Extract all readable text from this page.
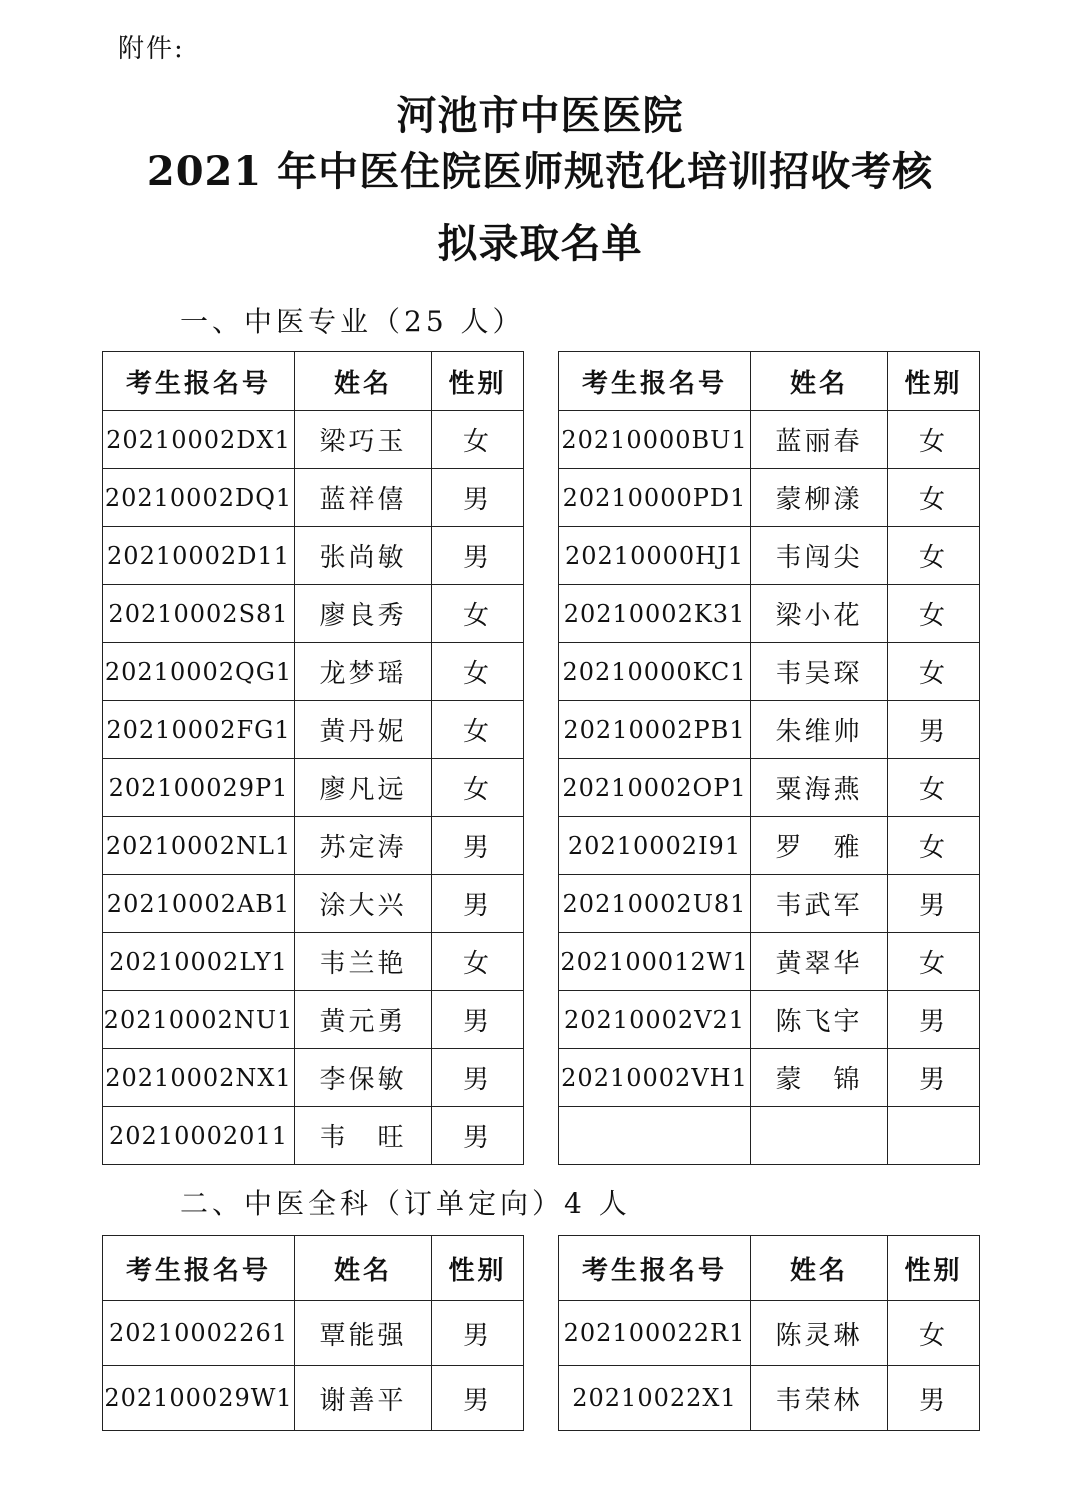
附件:
河池市中医医院
2021 年中医住院医师规范化培训招收考核
拟录取名单
一、中医专业（25 人）
考生报名号	姓名	性别
20210002DX1	梁巧玉	女
20210002DQ1	蓝祥僖	男
20210002D11	张尚敏	男
20210002S81	廖良秀	女
20210002QG1	龙梦瑶	女
20210002FG1	黄丹妮	女
202100029P1	廖凡远	女
20210002NL1	苏定涛	男
20210002AB1	涂大兴	男
20210002LY1	韦兰艳	女
20210002NU1	黄元勇	男
20210002NX1	李保敏	男
20210002011	韦　旺	男
考生报名号	姓名	性别
20210000BU1	蓝丽春	女
20210000PD1	蒙柳漾	女
20210000HJ1	韦闯尖	女
20210002K31	梁小花	女
20210000KC1	韦吴琛	女
20210002PB1	朱维帅	男
20210002OP1	粟海燕	女
20210002I91	罗　雅	女
20210002U81	韦武军	男
202100012W1	黄翠华	女
20210002V21	陈飞宇	男
20210002VH1	蒙　锦	男

二、中医全科（订单定向）4 人
考生报名号	姓名	性别
20210002261	覃能强	男
202100029W1	谢善平	男
考生报名号	姓名	性别
202100022R1	陈灵琳	女
20210022X1	韦荣林	男
